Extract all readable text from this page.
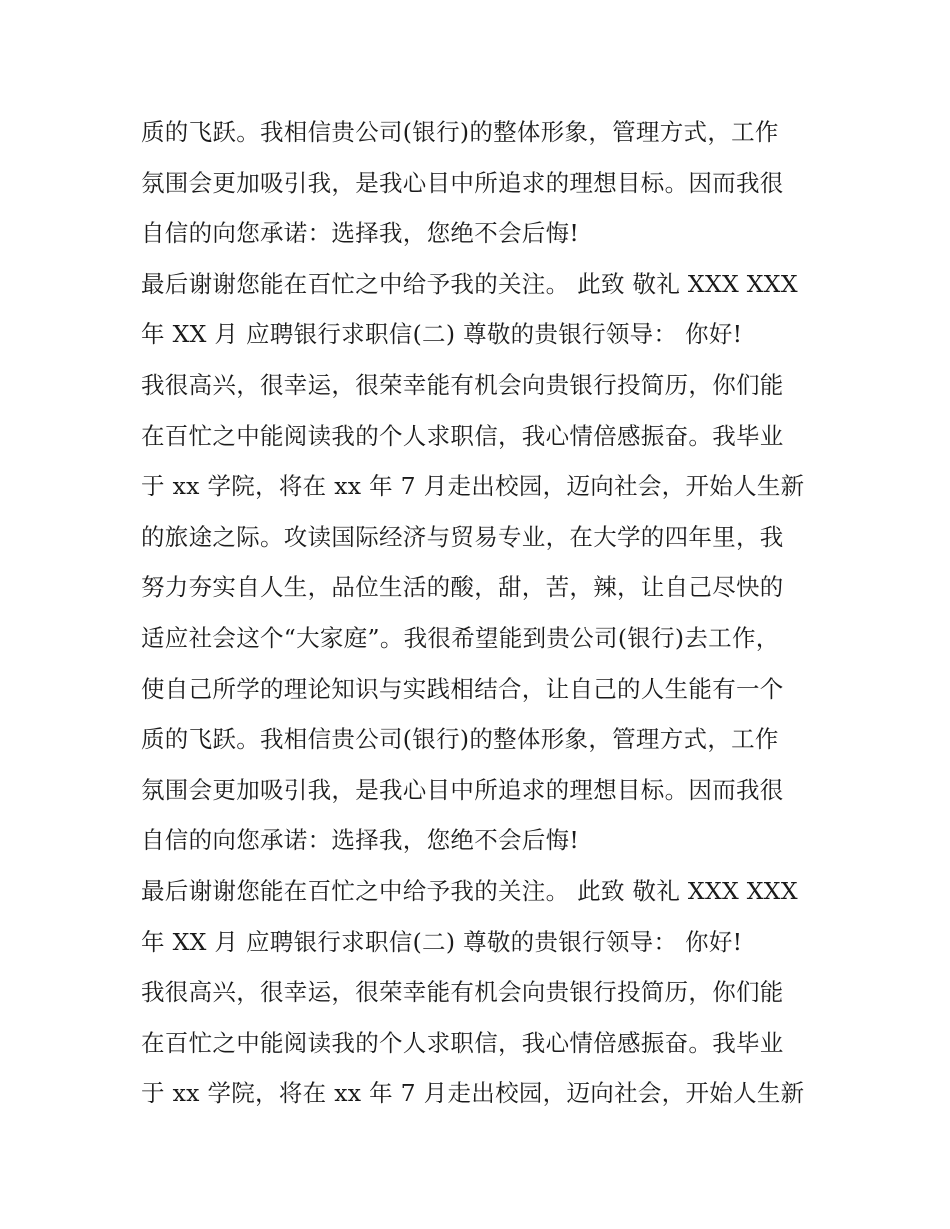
质的飞跃。我相信贵公司(银行)的整体形象，管理方式，工作
氛围会更加吸引我，是我心目中所追求的理想目标。因而我很
自信的向您承诺：选择我，您绝不会后悔!
最后谢谢您能在百忙之中给予我的关注。 此致 敬礼 XXX XXX
年 XX 月 应聘银行求职信(二) 尊敬的贵银行领导： 你好!
我很高兴，很幸运，很荣幸能有机会向贵银行投简历，你们能
在百忙之中能阅读我的个人求职信，我心情倍感振奋。我毕业
于 xx 学院，将在 xx 年 7 月走出校园，迈向社会，开始人生新
的旅途之际。攻读国际经济与贸易专业，在大学的四年里，我
努力夯实自人生，品位生活的酸，甜，苦，辣，让自己尽快的
适应社会这个“大家庭”。我很希望能到贵公司(银行)去工作，
使自己所学的理论知识与实践相结合，让自己的人生能有一个
质的飞跃。我相信贵公司(银行)的整体形象，管理方式，工作
氛围会更加吸引我，是我心目中所追求的理想目标。因而我很
自信的向您承诺：选择我，您绝不会后悔!
最后谢谢您能在百忙之中给予我的关注。 此致 敬礼 XXX XXX
年 XX 月 应聘银行求职信(二) 尊敬的贵银行领导： 你好!
我很高兴，很幸运，很荣幸能有机会向贵银行投简历，你们能
在百忙之中能阅读我的个人求职信，我心情倍感振奋。我毕业
于 xx 学院，将在 xx 年 7 月走出校园，迈向社会，开始人生新
